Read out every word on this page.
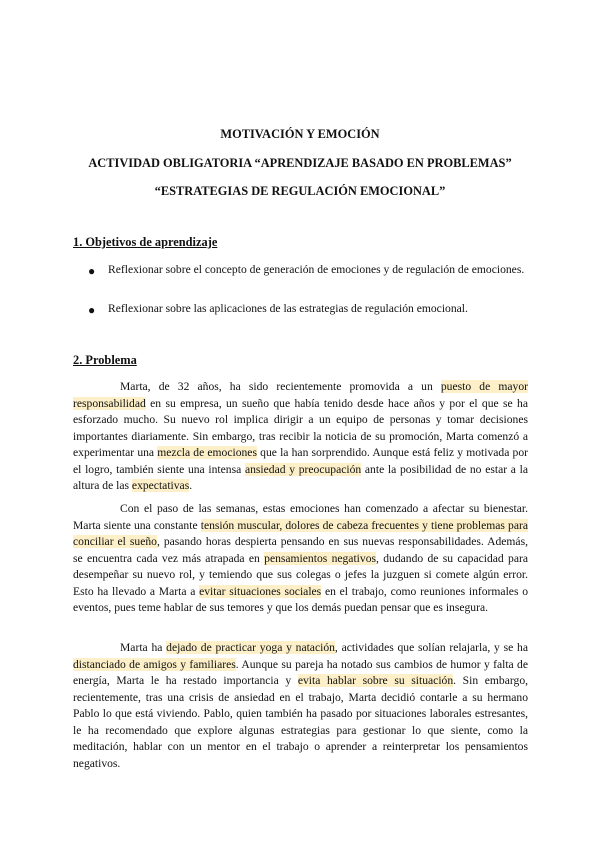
MOTIVACIÓN Y EMOCIÓN
ACTIVIDAD OBLIGATORIA “APRENDIZAJE BASADO EN PROBLEMAS”
“ESTRATEGIAS DE REGULACIÓN EMOCIONAL”
1. Objetivos de aprendizaje
●	Reflexionar sobre el concepto de generación de emociones y de regulación de emociones.
●	Reflexionar sobre las aplicaciones de las estrategias de regulación emocional.
2. Problema

Marta, de 32 años, ha sido recientemente promovida a un puesto de mayor responsabilidad en su empresa, un sueño que había tenido desde hace años y por el que se ha esforzado mucho. Su nuevo rol implica dirigir a un equipo de personas y tomar decisiones importantes diariamente. Sin embargo, tras recibir la noticia de su promoción, Marta comenzó a experimentar una mezcla de emociones que la han sorprendido. Aunque está feliz y motivada por el logro, también siente una intensa ansiedad y preocupación ante la posibilidad de no estar a la altura de las expectativas.

Con el paso de las semanas, estas emociones han comenzado a afectar su bienestar. Marta siente una constante tensión muscular, dolores de cabeza frecuentes y tiene problemas para conciliar el sueño, pasando horas despierta pensando en sus nuevas responsabilidades. Además, se encuentra cada vez más atrapada en pensamientos negativos, dudando de su capacidad para desempeñar su nuevo rol, y temiendo que sus colegas o jefes la juzguen si comete algún error. Esto ha llevado a Marta a evitar situaciones sociales en el trabajo, como reuniones informales o eventos, pues teme hablar de sus temores y que los demás puedan pensar que es insegura.

Marta ha dejado de practicar yoga y natación, actividades que solían relajarla, y se ha distanciado de amigos y familiares. Aunque su pareja ha notado sus cambios de humor y falta de energía, Marta le ha restado importancia y evita hablar sobre su situación. Sin embargo, recientemente, tras una crisis de ansiedad en el trabajo, Marta decidió contarle a su hermano Pablo lo que está viviendo. Pablo, quien también ha pasado por situaciones laborales estresantes, le ha recomendado que explore algunas estrategias para gestionar lo que siente, como la meditación, hablar con un mentor en el trabajo o aprender a reinterpretar los pensamientos negativos.
